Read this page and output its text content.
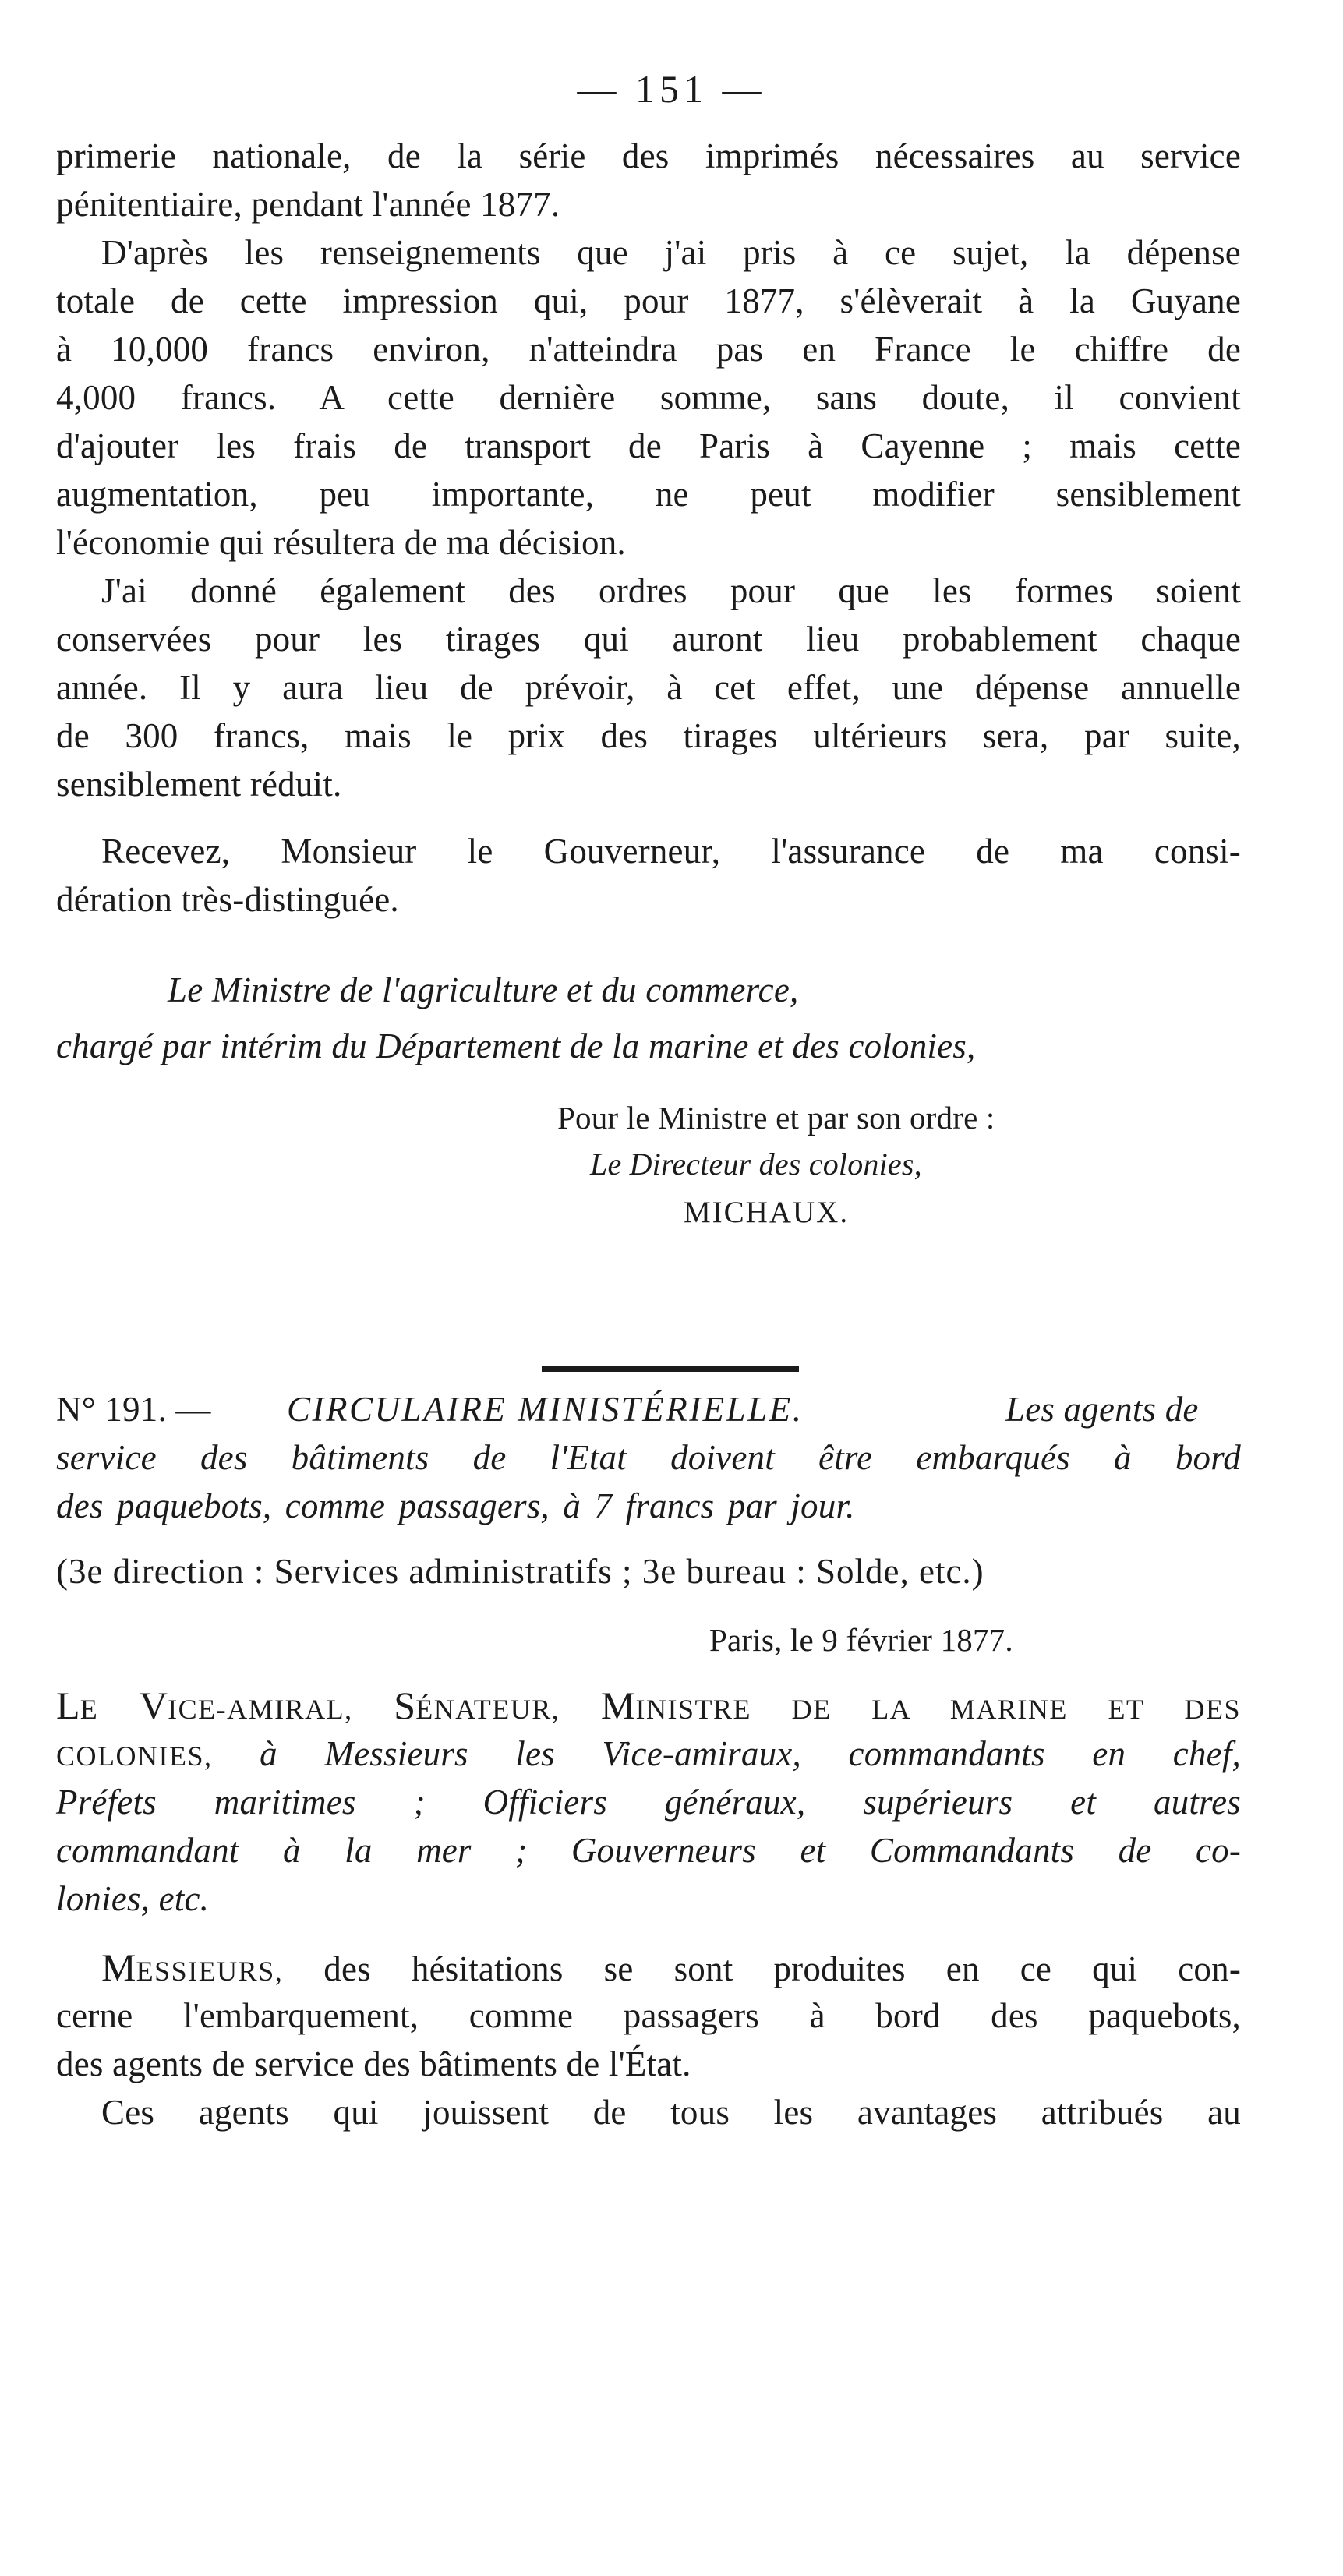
— 151 —
primerie nationale, de la série des imprimés nécessaires au service
pénitentiaire, pendant l'année 1877.
D'après les renseignements que j'ai pris à ce sujet, la dépense
totale de cette impression qui, pour 1877, s'élèverait à la Guyane
à 10,000 francs environ, n'atteindra pas en France le chiffre de
4,000 francs. A cette dernière somme, sans doute, il convient
d'ajouter les frais de transport de Paris à Cayenne ; mais cette
augmentation, peu importante, ne peut modifier sensiblement
l'économie qui résultera de ma décision.
J'ai donné également des ordres pour que les formes soient
conservées pour les tirages qui auront lieu probablement chaque
année. Il y aura lieu de prévoir, à cet effet, une dépense annuelle
de 300 francs, mais le prix des tirages ultérieurs sera, par suite,
sensiblement réduit.
Recevez, Monsieur le Gouverneur, l'assurance de ma consi-
dération très-distinguée.
Le Ministre de l'agriculture et du commerce,
chargé par intérim du Département de la marine et des colonies,
Pour le Ministre et par son ordre :
Le Directeur des colonies,
MICHAUX.
N° 191. — CIRCULAIRE MINISTÉRIELLE.	Les agents de
service des bâtiments de l'Etat doivent être embarqués à bord
des paquebots, comme passagers, à 7 francs par jour.
(3e direction : Services administratifs ; 3e bureau : Solde, etc.)
Paris, le 9 février 1877.
LE VICE-AMIRAL, SÉNATEUR, MINISTRE DE LA MARINE ET DES
COLONIES, à Messieurs les Vice-amiraux, commandants en chef,
Préfets maritimes ; Officiers généraux, supérieurs et autres
commandant à la mer ; Gouverneurs et Commandants de co-
lonies, etc.
MESSIEURS, des hésitations se sont produites en ce qui con-
cerne l'embarquement, comme passagers à bord des paquebots,
des agents de service des bâtiments de l'État.
Ces agents qui jouissent de tous les avantages attribués au
